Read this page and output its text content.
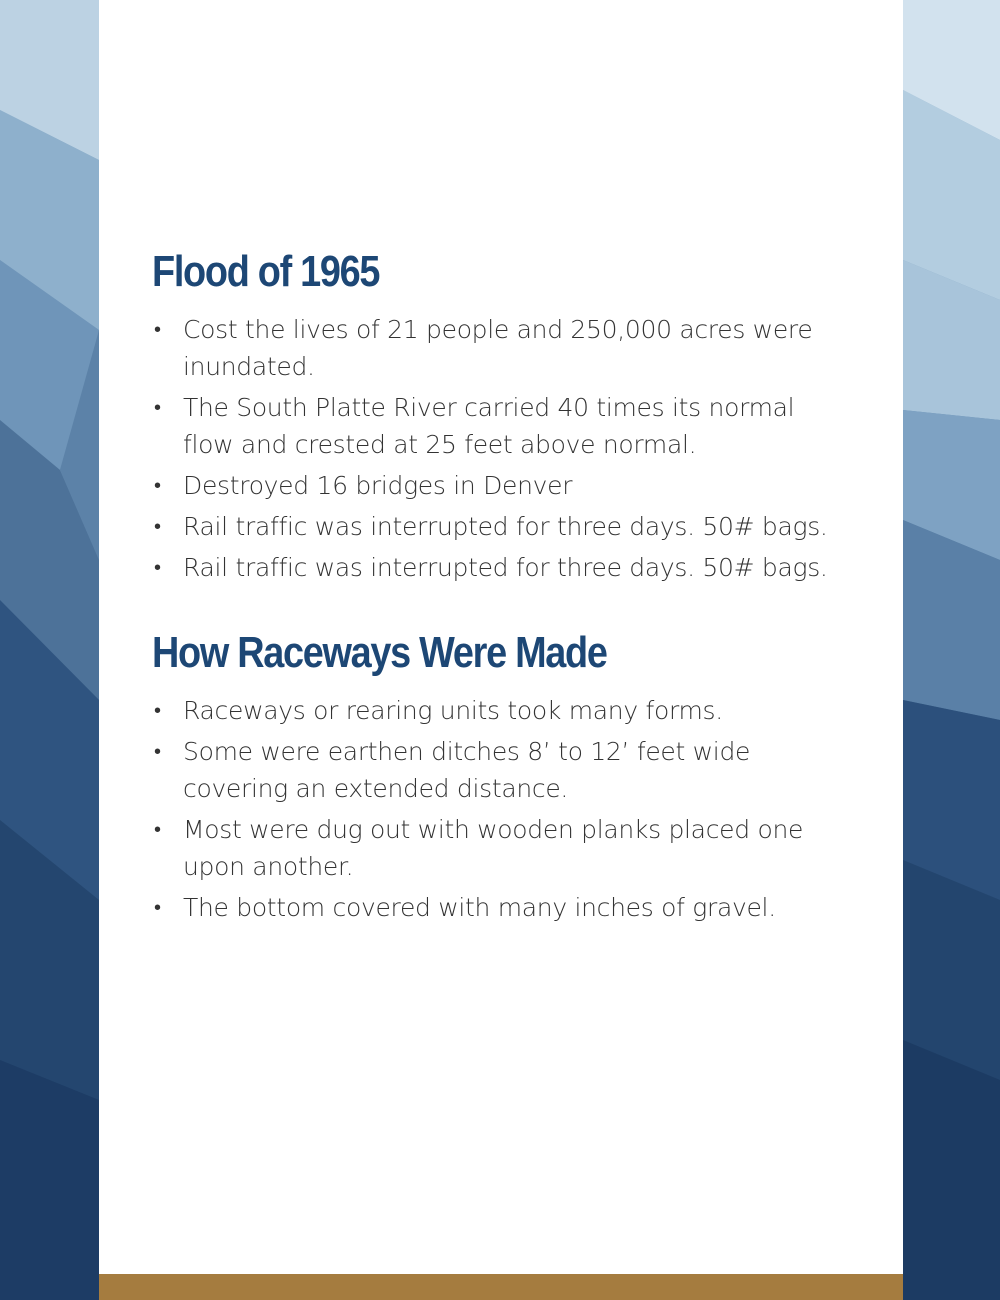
Flood of 1965
• Cost the lives of 21 people and 250,000 acres were inundated.
• The South Platte River carried 40 times its normal flow and crested at 25 feet above normal.
• Destroyed 16 bridges in Denver
• Rail traffic was interrupted for three days. 50# bags.
• Rail traffic was interrupted for three days. 50# bags.
How Raceways Were Made
• Raceways or rearing units took many forms.
• Some were earthen ditches 8’ to 12’ feet wide covering an extended distance.
• Most were dug out with wooden planks placed one upon another.
• The bottom covered with many inches of gravel.
